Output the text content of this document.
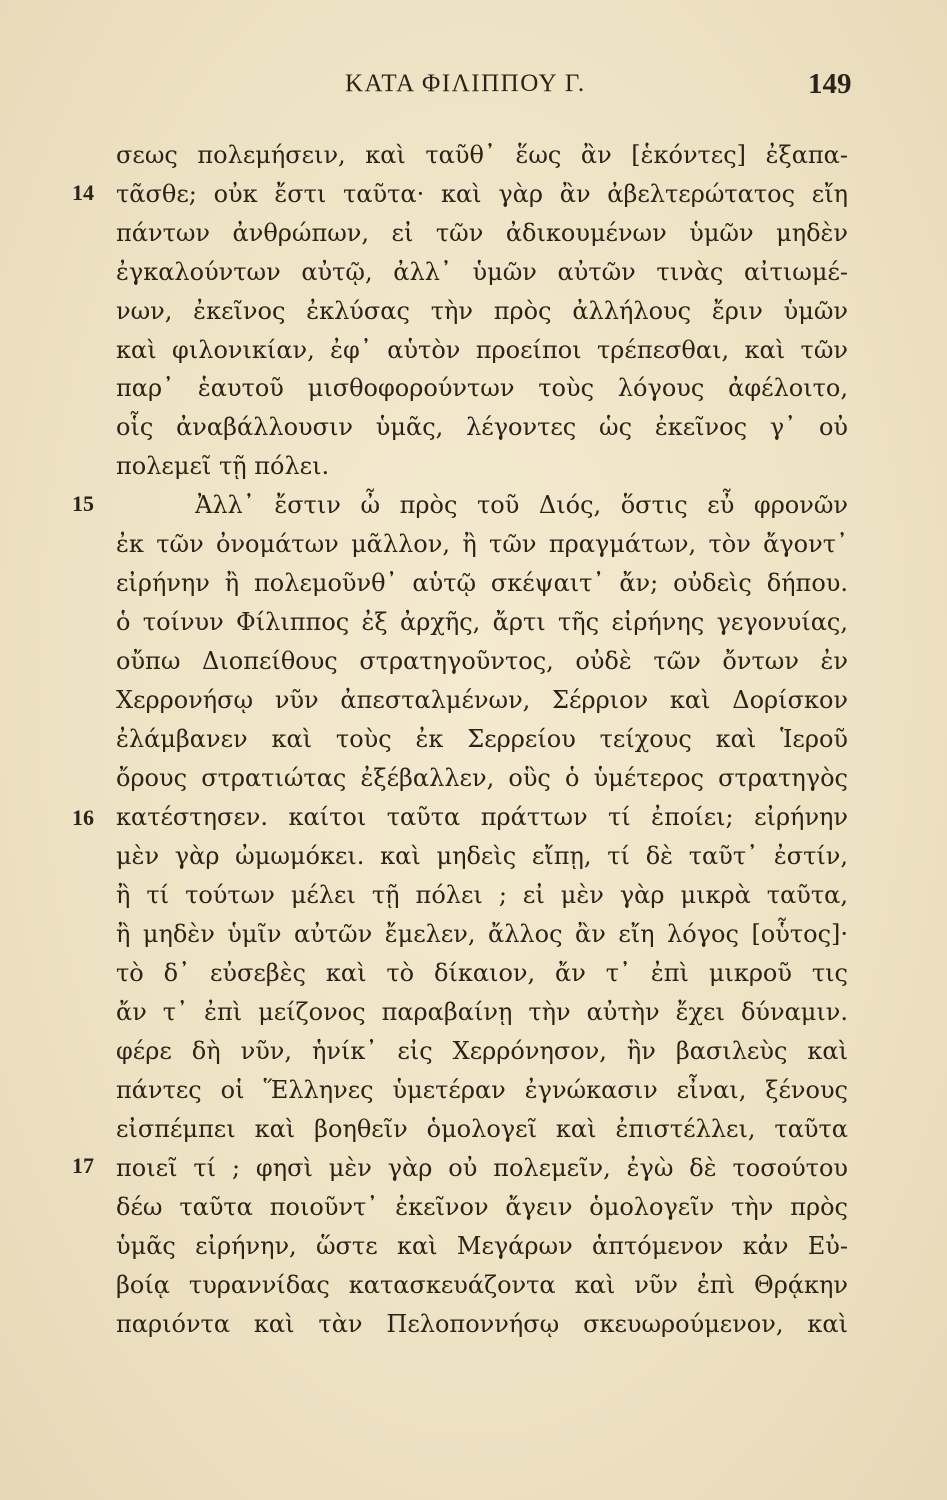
ΚΑΤΑ ΦΙΛΙΠΠΟΥ Γ.	149
14
15
16
17
σεως πολεμήσειν, καὶ ταῦθ᾽ ἕως ἂν [ἑκόντες] ἐξαπα-
τᾶσθε; οὐκ ἔστι ταῦτα· καὶ γὰρ ἂν ἀβελτερώτατος εἴη
πάντων ἀνθρώπων, εἰ τῶν ἀδικουμένων ὑμῶν μηδὲν
ἐγκαλούντων αὐτῷ, ἀλλ᾽ ὑμῶν αὐτῶν τινὰς αἰτιωμέ-
νων, ἐκεῖνος ἐκλύσας τὴν πρὸς ἀλλήλους ἔριν ὑμῶν
καὶ φιλονικίαν, ἐφ᾽ αὑτὸν προείποι τρέπεσθαι, καὶ τῶν
παρ᾽ ἑαυτοῦ μισθοφορούντων τοὺς λόγους ἀφέλοιτο,
οἷς ἀναβάλλουσιν ὑμᾶς, λέγοντες ὡς ἐκεῖνος γ᾽ οὐ
πολεμεῖ τῇ πόλει.
Ἀλλ᾽ ἔστιν ὦ πρὸς τοῦ Διός, ὅστις εὖ φρονῶν
ἐκ τῶν ὀνομάτων μᾶλλον, ἢ τῶν πραγμάτων, τὸν ἄγοντ᾽
εἰρήνην ἢ πολεμοῦνθ᾽ αὑτῷ σκέψαιτ᾽ ἄν; οὐδεὶς δήπου.
ὁ τοίνυν Φίλιππος ἐξ ἀρχῆς, ἄρτι τῆς εἰρήνης γεγονυίας,
οὔπω Διοπείθους στρατηγοῦντος, οὐδὲ τῶν ὄντων ἐν
Χερρονήσῳ νῦν ἀπεσταλμένων, Σέρριον καὶ Δορίσκον
ἐλάμβανεν καὶ τοὺς ἐκ Σερρείου τείχους καὶ Ἱεροῦ
ὄρους στρατιώτας ἐξέβαλλεν, οὓς ὁ ὑμέτερος στρατηγὸς
κατέστησεν. καίτοι ταῦτα πράττων τί ἐποίει; εἰρήνην
μὲν γὰρ ὠμωμόκει. καὶ μηδεὶς εἴπῃ, τί δὲ ταῦτ᾽ ἐστίν,
ἢ τί τούτων μέλει τῇ πόλει ; εἰ μὲν γὰρ μικρὰ ταῦτα,
ἢ μηδὲν ὑμῖν αὐτῶν ἔμελεν, ἄλλος ἂν εἴη λόγος [οὗτος]·
τὸ δ᾽ εὐσεβὲς καὶ τὸ δίκαιον, ἄν τ᾽ ἐπὶ μικροῦ τις
ἄν τ᾽ ἐπὶ μείζονος παραβαίνῃ τὴν αὐτὴν ἔχει δύναμιν.
φέρε δὴ νῦν, ἡνίκ᾽ εἰς Χερρόνησον, ἣν βασιλεὺς καὶ
πάντες οἱ Ἕλληνες ὑμετέραν ἐγνώκασιν εἶναι, ξένους
εἰσπέμπει καὶ βοηθεῖν ὁμολογεῖ καὶ ἐπιστέλλει, ταῦτα
ποιεῖ τί ; φησὶ μὲν γὰρ οὐ πολεμεῖν, ἐγὼ δὲ τοσούτου
δέω ταῦτα ποιοῦντ᾽ ἐκεῖνον ἄγειν ὁμολογεῖν τὴν πρὸς
ὑμᾶς εἰρήνην, ὥστε καὶ Μεγάρων ἁπτόμενον κἀν Εὐ-
βοίᾳ τυραννίδας κατασκευάζοντα καὶ νῦν ἐπὶ Θρᾴκην
παριόντα καὶ τὰν Πελοποννήσῳ σκευωρούμενον, καὶ
